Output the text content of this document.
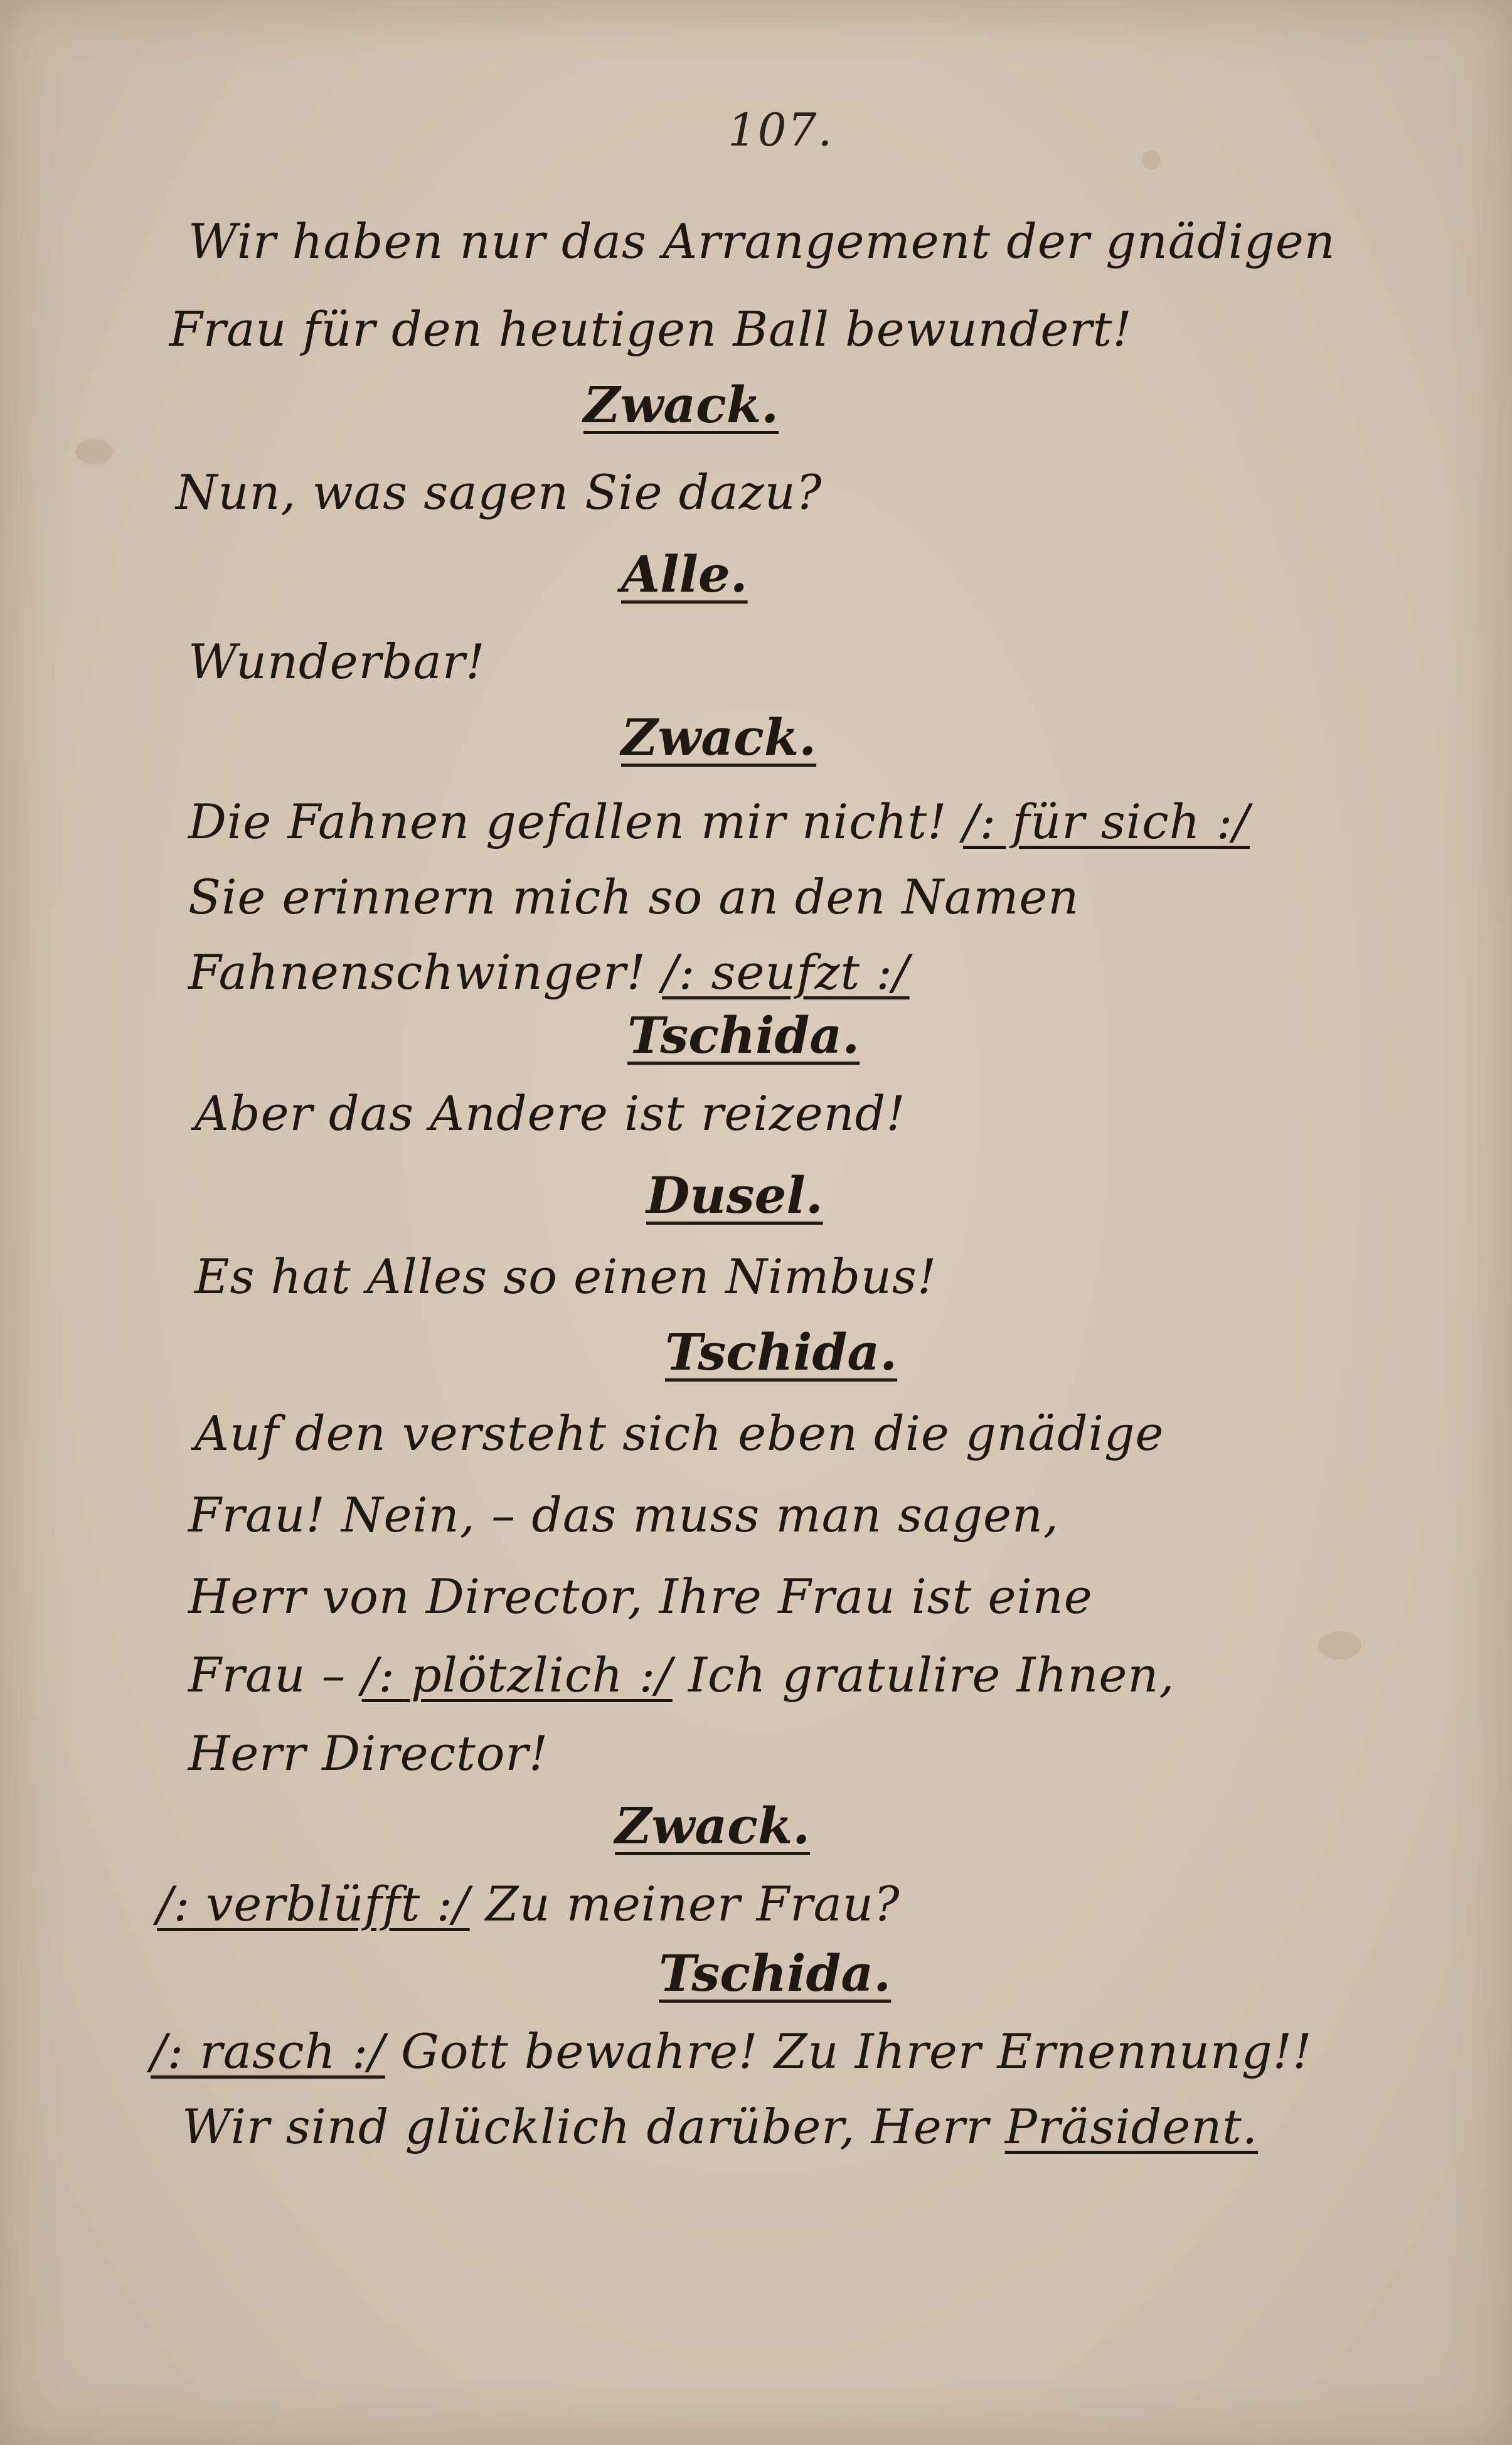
107.
Wir haben nur das Arrangement der gnädigen
Frau für den heutigen Ball bewundert!
Zwack.
Nun, was sagen Sie dazu?
Alle.
Wunderbar!
Zwack.
Die Fahnen gefallen mir nicht! /: für sich :/
Sie erinnern mich so an den Namen
Fahnenschwinger! /: seufzt :/
Tschida.
Aber das Andere ist reizend!
Dusel.
Es hat Alles so einen Nimbus!
Tschida.
Auf den versteht sich eben die gnädige
Frau! Nein, – das muss man sagen,
Herr von Director, Ihre Frau ist eine
Frau – /: plötzlich :/ Ich gratulire Ihnen,
Herr Director!
Zwack.
/: verblüfft :/ Zu meiner Frau?
Tschida.
/: rasch :/ Gott bewahre! Zu Ihrer Ernennung!!
Wir sind glücklich darüber, Herr Präsident.
